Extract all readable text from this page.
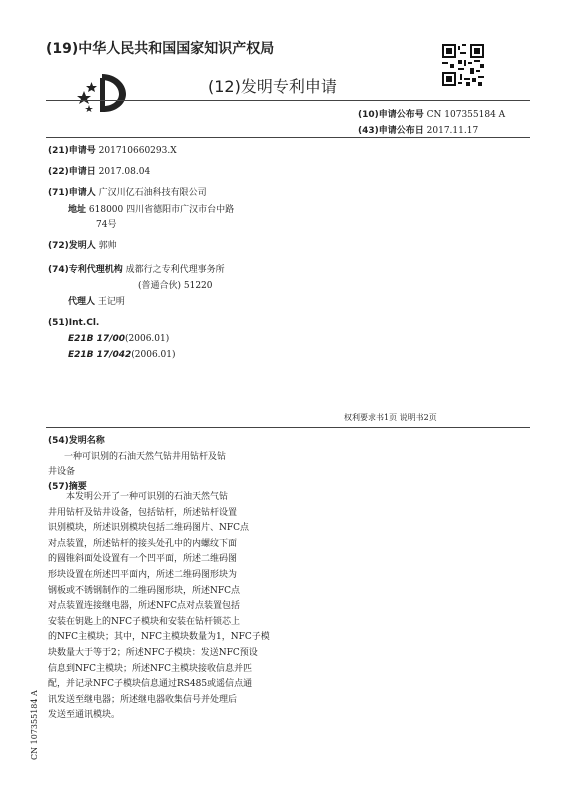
(19)中华人民共和国国家知识产权局
(12)发明专利申请
(10)申请公布号 CN 107355184 A
(43)申请公布日 2017.11.17
(21)申请号 201710660293.X
(22)申请日 2017.08.04
(71)申请人 广汉川亿石油科技有限公司
地址 618000 四川省德阳市广汉市台中路
74号
(72)发明人 郭帅
(74)专利代理机构 成都行之专利代理事务所
(普通合伙) 51220
代理人 王记明
(51)Int.Cl.
E21B 17/00(2006.01)
E21B 17/042(2006.01)
权利要求书1页 说明书2页
(54)发明名称
一种可识别的石油天然气钻井用钻杆及钻
井设备
(57)摘要
本发明公开了一种可识别的石油天然气钻
井用钻杆及钻井设备，包括钻杆，所述钻杆设置
识别模块，所述识别模块包括二维码图片、NFC点
对点装置，所述钻杆的接头处孔中的内螺纹下面
的圆锥斜面处设置有一个凹平面，所述二维码图
形块设置在所述凹平面内，所述二维码图形块为
钢板或不锈钢制作的二维码图形块，所述NFC点
对点装置连接继电器，所述NFC点对点装置包括
安装在钥匙上的NFC子模块和安装在钻杆锁芯上
的NFC主模块；其中，NFC主模块数量为1，NFC子模
块数量大于等于2；所述NFC子模块：发送NFC预设
信息到NFC主模块；所述NFC主模块接收信息并匹
配，并记录NFC子模块信息通过RS485或遥信点通
讯发送至继电器；所述继电器收集信号并处理后
发送至通讯模块。
CN 107355184 A
